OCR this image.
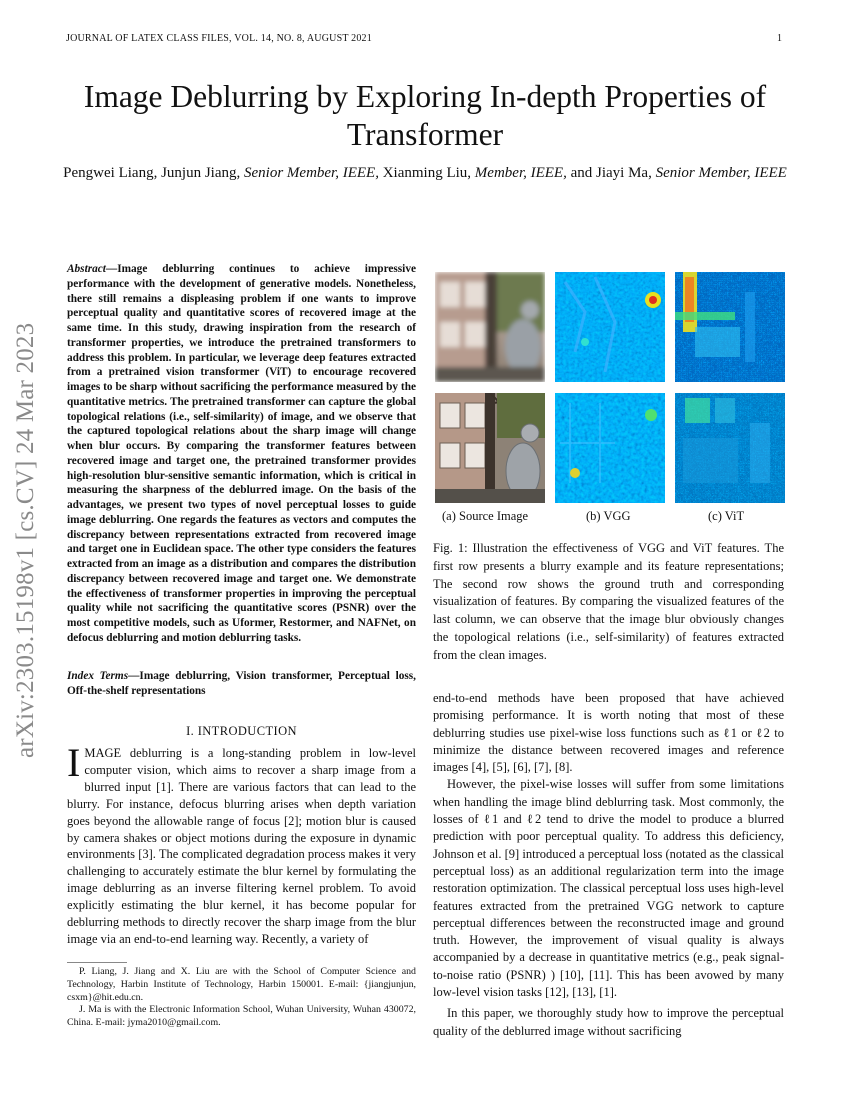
JOURNAL OF LATEX CLASS FILES, VOL. 14, NO. 8, AUGUST 2021	1
Image Deblurring by Exploring In-depth Properties of Transformer
Pengwei Liang, Junjun Jiang, Senior Member, IEEE, Xianming Liu, Member, IEEE, and Jiayi Ma, Senior Member, IEEE
arXiv:2303.15198v1 [cs.CV] 24 Mar 2023
Abstract—Image deblurring continues to achieve impressive performance with the development of generative models. Nonetheless, there still remains a displeasing problem if one wants to improve perceptual quality and quantitative scores of recovered image at the same time. In this study, drawing inspiration from the research of transformer properties, we introduce the pretrained transformers to address this problem. In particular, we leverage deep features extracted from a pretrained vision transformer (ViT) to encourage recovered images to be sharp without sacrificing the performance measured by the quantitative metrics. The pretrained transformer can capture the global topological relations (i.e., self-similarity) of image, and we observe that the captured topological relations about the sharp image will change when blur occurs. By comparing the transformer features between recovered image and target one, the pretrained transformer provides high-resolution blur-sensitive semantic information, which is critical in measuring the sharpness of the deblurred image. On the basis of the advantages, we present two types of novel perceptual losses to guide image deblurring. One regards the features as vectors and computes the discrepancy between representations extracted from recovered image and target one in Euclidean space. The other type considers the features extracted from an image as a distribution and compares the distribution discrepancy between recovered image and target one. We demonstrate the effectiveness of transformer properties in improving the perceptual quality while not sacrificing the quantitative scores (PSNR) over the most competitive models, such as Uformer, Restormer, and NAFNet, on defocus deblurring and motion deblurring tasks.
Index Terms—Image deblurring, Vision transformer, Perceptual loss, Off-the-shelf representations
I. INTRODUCTION
IMAGE deblurring is a long-standing problem in low-level computer vision, which aims to recover a sharp image from a blurred input [1]. There are various factors that can lead to the blurry. For instance, defocus blurring arises when depth variation goes beyond the allowable range of focus [2]; motion blur is caused by camera shakes or object motions during the exposure in dynamic environments [3]. The complicated degradation process makes it very challenging to accurately estimate the blur kernel by formulating the image deblurring as an inverse filtering kernel problem. To avoid explicitly estimating the blur kernel, it has become popular for deblurring methods to directly recover the sharp image from the blur image via an end-to-end learning way. Recently, a variety of

P. Liang, J. Jiang and X. Liu are with the School of Computer Science and Technology, Harbin Institute of Technology, Harbin 150001. E-mail: {jiangjunjun, csxm}@hit.edu.cn.

J. Ma is with the Electronic Information School, Wuhan University, Wuhan 430072, China. E-mail: jyma2010@gmail.com.

(a) Source Image	(b) VGG	(c) ViT
Fig. 1: Illustration the effectiveness of VGG and ViT features. The first row presents a blurry example and its feature representations; The second row shows the ground truth and corresponding visualization of features. By comparing the visualized features of the last column, we can observe that the image blur obviously changes the topological relations (i.e., self-similarity) of features extracted from the clean images.

end-to-end methods have been proposed that have achieved promising performance. It is worth noting that most of these deblurring studies use pixel-wise loss functions such as ℓ1 or ℓ2 to minimize the distance between recovered images and reference images [4], [5], [6], [7], [8].

However, the pixel-wise losses will suffer from some limitations when handling the image blind deblurring task. Most commonly, the losses of ℓ1 and ℓ2 tend to drive the model to produce a blurred prediction with poor perceptual quality. To address this deficiency, Johnson et al. [9] introduced a perceptual loss (notated as the classical perceptual loss) as an additional regularization term into the image restoration optimization. The classical perceptual loss uses high-level features extracted from the pretrained VGG network to capture perceptual differences between the reconstructed image and ground truth. However, the improvement of visual quality is always accompanied by a decrease in quantitative metrics (e.g., peak signal-to-noise ratio (PSNR) ) [10], [11]. This has been avowed by many low-level vision tasks [12], [13], [1].

In this paper, we thoroughly study how to improve the perceptual quality of the deblurred image without sacrificing
